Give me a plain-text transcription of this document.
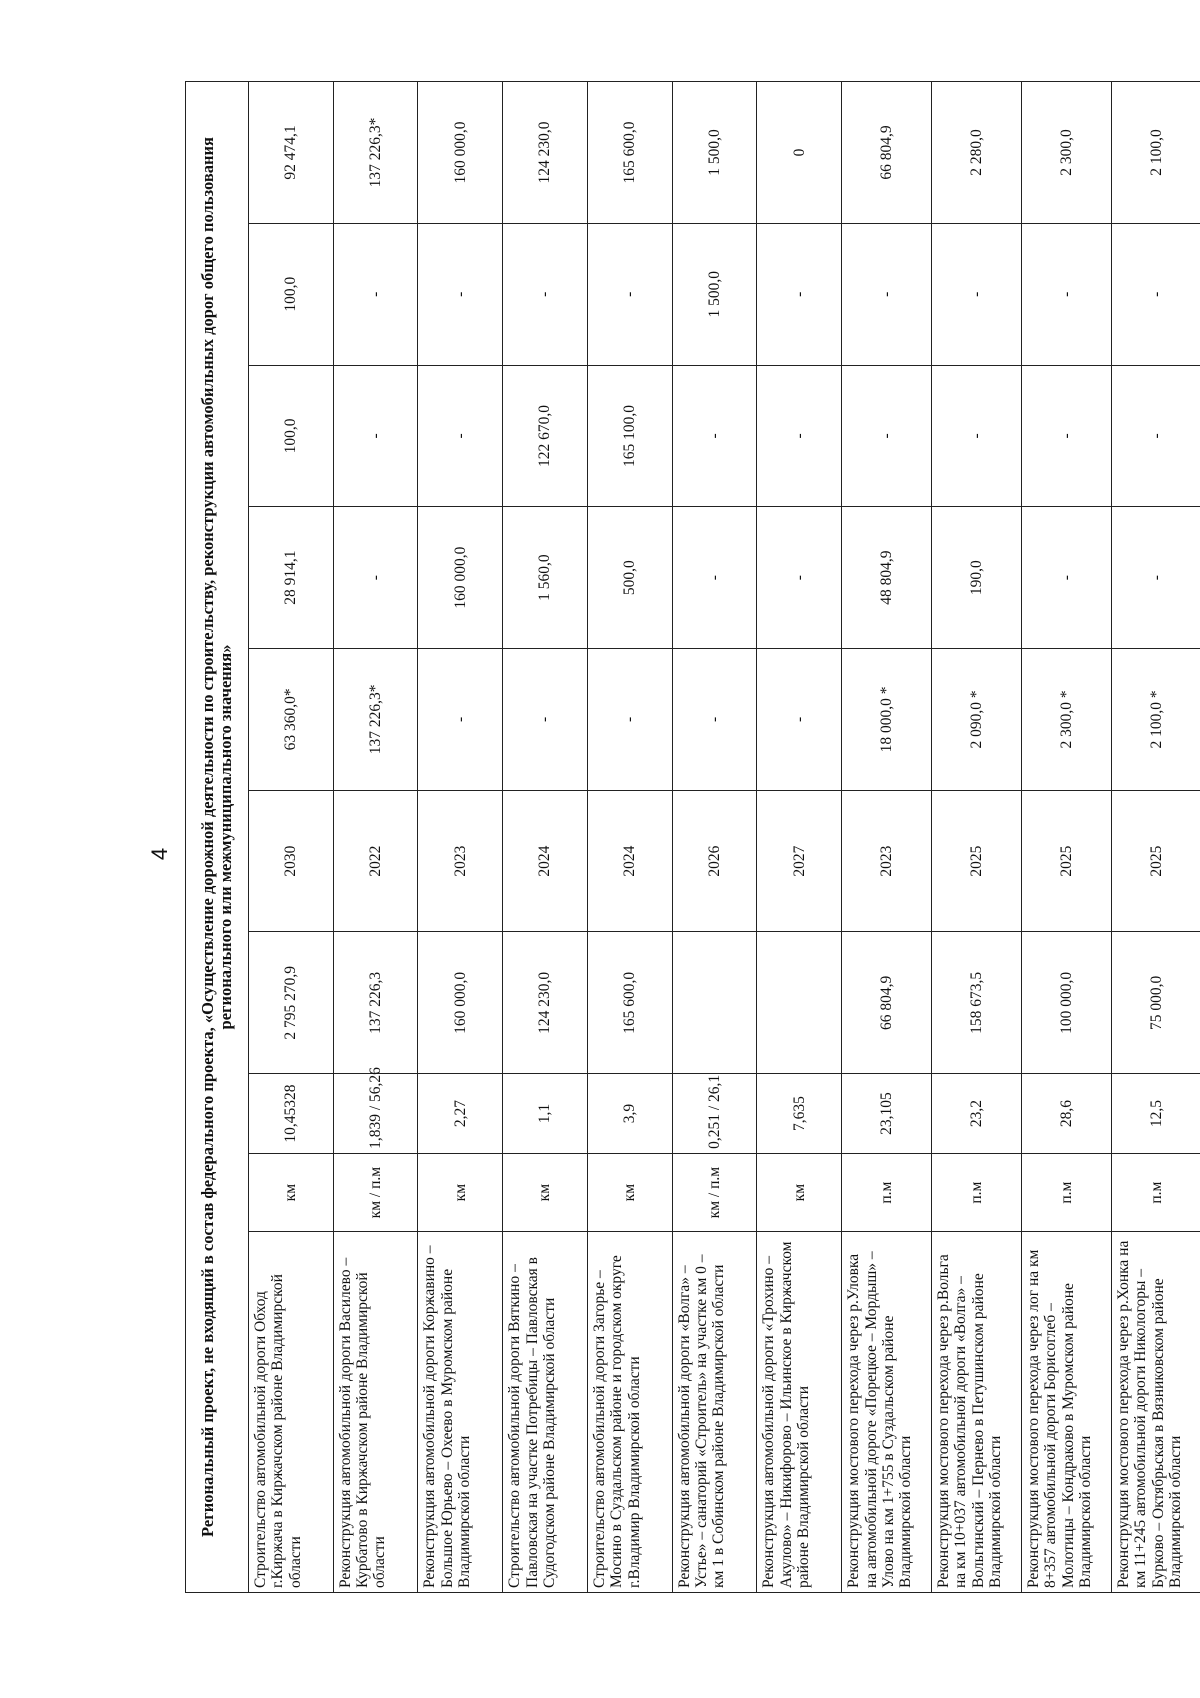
4 Региональный проект, не входящий в состав федерального проекта, «Осуществление дорожной деятельности по строительству, реконструкции автомобильных дорог общего пользования регионального или межмуниципального значения»									
Строительство автомобильной дороги Обход г.Киржача в Киржачском районе Владимирской области	км	10,45328	2 795 270,9	2030	63 360,0*	28 914,1	100,0	100,0	92 474,1
Реконструкция автомобильной дороги Василево – Курбатово в Киржачском районе Владимирской области	км / п.м	1,839 / 56,26	137 226,3	2022	137 226,3*	-	-	-	137 226,3*
Реконструкция автомобильной дороги Коржавино – Большое Юрьево – Охеево в Муромском районе Владимирской области	км	2,27	160 000,0	2023	-	160 000,0	-	-	160 000,0
Строительство автомобильной дороги Вяткино – Павловская на участке Потребицы – Павловская в Судогодском районе Владимирской области	км	1,1	124 230,0	2024	-	1 560,0	122 670,0	-	124 230,0
Строительство автомобильной дороги Загорье – Мосино в Суздальском районе и городском округе г.Владимир Владимирской области	км	3,9	165 600,0	2024	-	500,0	165 100,0	-	165 600,0
Реконструкция автомобильной дороги «Волга» – Устье» – санаторий «Строитель» на участке км 0 – км 1 в Собинском районе Владимирской области	км / п.м	0,251 / 26,1		2026	-	-	-	1 500,0	1 500,0
Реконструкция автомобильной дороги «Трохино – Акулово» – Никифорово – Ильинское в Киржачском районе Владимирской области	км	7,635		2027	-	-	-	-	0
Реконструкция мостового перехода через р.Уловка на автомобильной дороге «Порецкое – Мордыш» – Улово на км 1+755 в Суздальском районе Владимирской области	п.м	23,105	66 804,9	2023	18 000,0 *	48 804,9	-	-	66 804,9
Реконструкция мостового перехода через р.Вольга на км 10+037 автомобильной дороги «Волга» – Вольгинский – Пернeво в Петушинском районе Владимирской области	п.м	23,2	158 673,5	2025	2 090,0 *	190,0	-	-	2 280,0
Реконструкция мостового перехода через лог на км 8+357 автомобильной дороги Борисоглеб – Молотицы – Кондраково в Муромском районе Владимирской области	п.м	28,6	100 000,0	2025	2 300,0 *	-	-	-	2 300,0
Реконструкция мостового перехода через р.Хонка на км 11+245 автомобильной дороги Никологоры – Бурково – Октябрьская в Вязниковском районе Владимирской области	п.м	12,5	75 000,0	2025	2 100,0 *	-	-	-	2 100,0
